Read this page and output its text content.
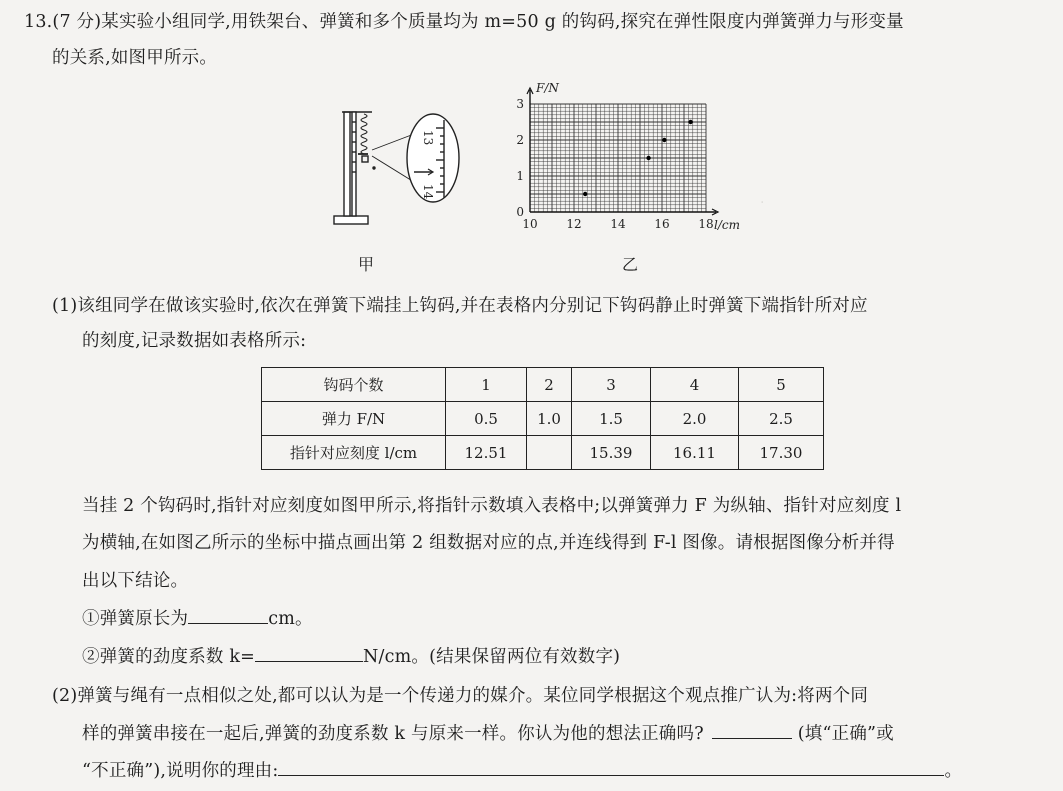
·
13.(7 分)某实验小组同学,用铁架台、弹簧和多个质量均为 m=50 g 的钩码,探究在弹性限度内弹簧弹力与形变量
的关系,如图甲所示。
13
14
甲
10 12 14 16 18
0
1
2
3
F/N
l/cm
乙
(1)该组同学在做该实验时,依次在弹簧下端挂上钩码,并在表格内分别记下钩码静止时弹簧下端指针所对应
的刻度,记录数据如表格所示:
钩码个数	1	2	3	4	5
弹力 F/N	0.5	1.0	1.5	2.0	2.5
指针对应刻度 l/cm	12.51		15.39	16.11	17.30
当挂 2 个钩码时,指针对应刻度如图甲所示,将指针示数填入表格中;以弹簧弹力 F 为纵轴、指针对应刻度 l
为横轴,在如图乙所示的坐标中描点画出第 2 组数据对应的点,并连线得到 F-l 图像。请根据图像分析并得
出以下结论。
①弹簧原长为	cm。
②弹簧的劲度系数 k=	N/cm。(结果保留两位有效数字)
(2)弹簧与绳有一点相似之处,都可以认为是一个传递力的媒介。某位同学根据这个观点推广认为:将两个同
样的弹簧串接在一起后,弹簧的劲度系数 k 与原来一样。你认为他的想法正确吗?	(填“正确”或
“不正确”),说明你的理由:	。
